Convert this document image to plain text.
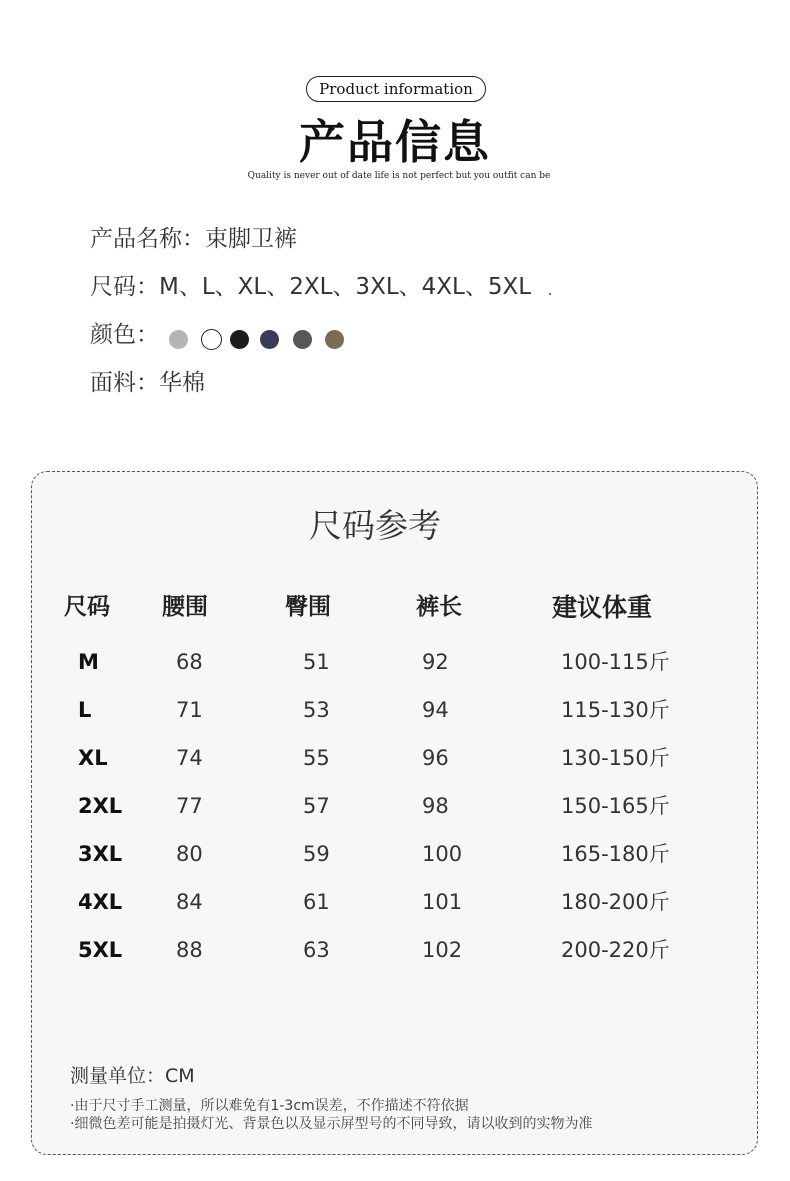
Product information
产品信息
Quality is never out of date life is not perfect but you outfit can be
产品名称：束脚卫裤
尺码：M、L、XL、2XL、3XL、4XL、5XL
颜色：
面料：华棉
尺码参考
尺码 腰围	臀围	裤长	建议体重
M	68	51	92	100-115斤
L	71	53	94	115-130斤
XL	74	55	96	130-150斤
2XL	77	57	98	150-165斤
3XL	80	59	100	165-180斤
4XL	84	61	101	180-200斤
5XL	88	63	102	200-220斤
测量单位：CM
·由于尺寸手工测量，所以难免有1-3cm误差，不作描述不符依据
·细微色差可能是拍摄灯光、背景色以及显示屏型号的不同导致，请以收到的实物为准
